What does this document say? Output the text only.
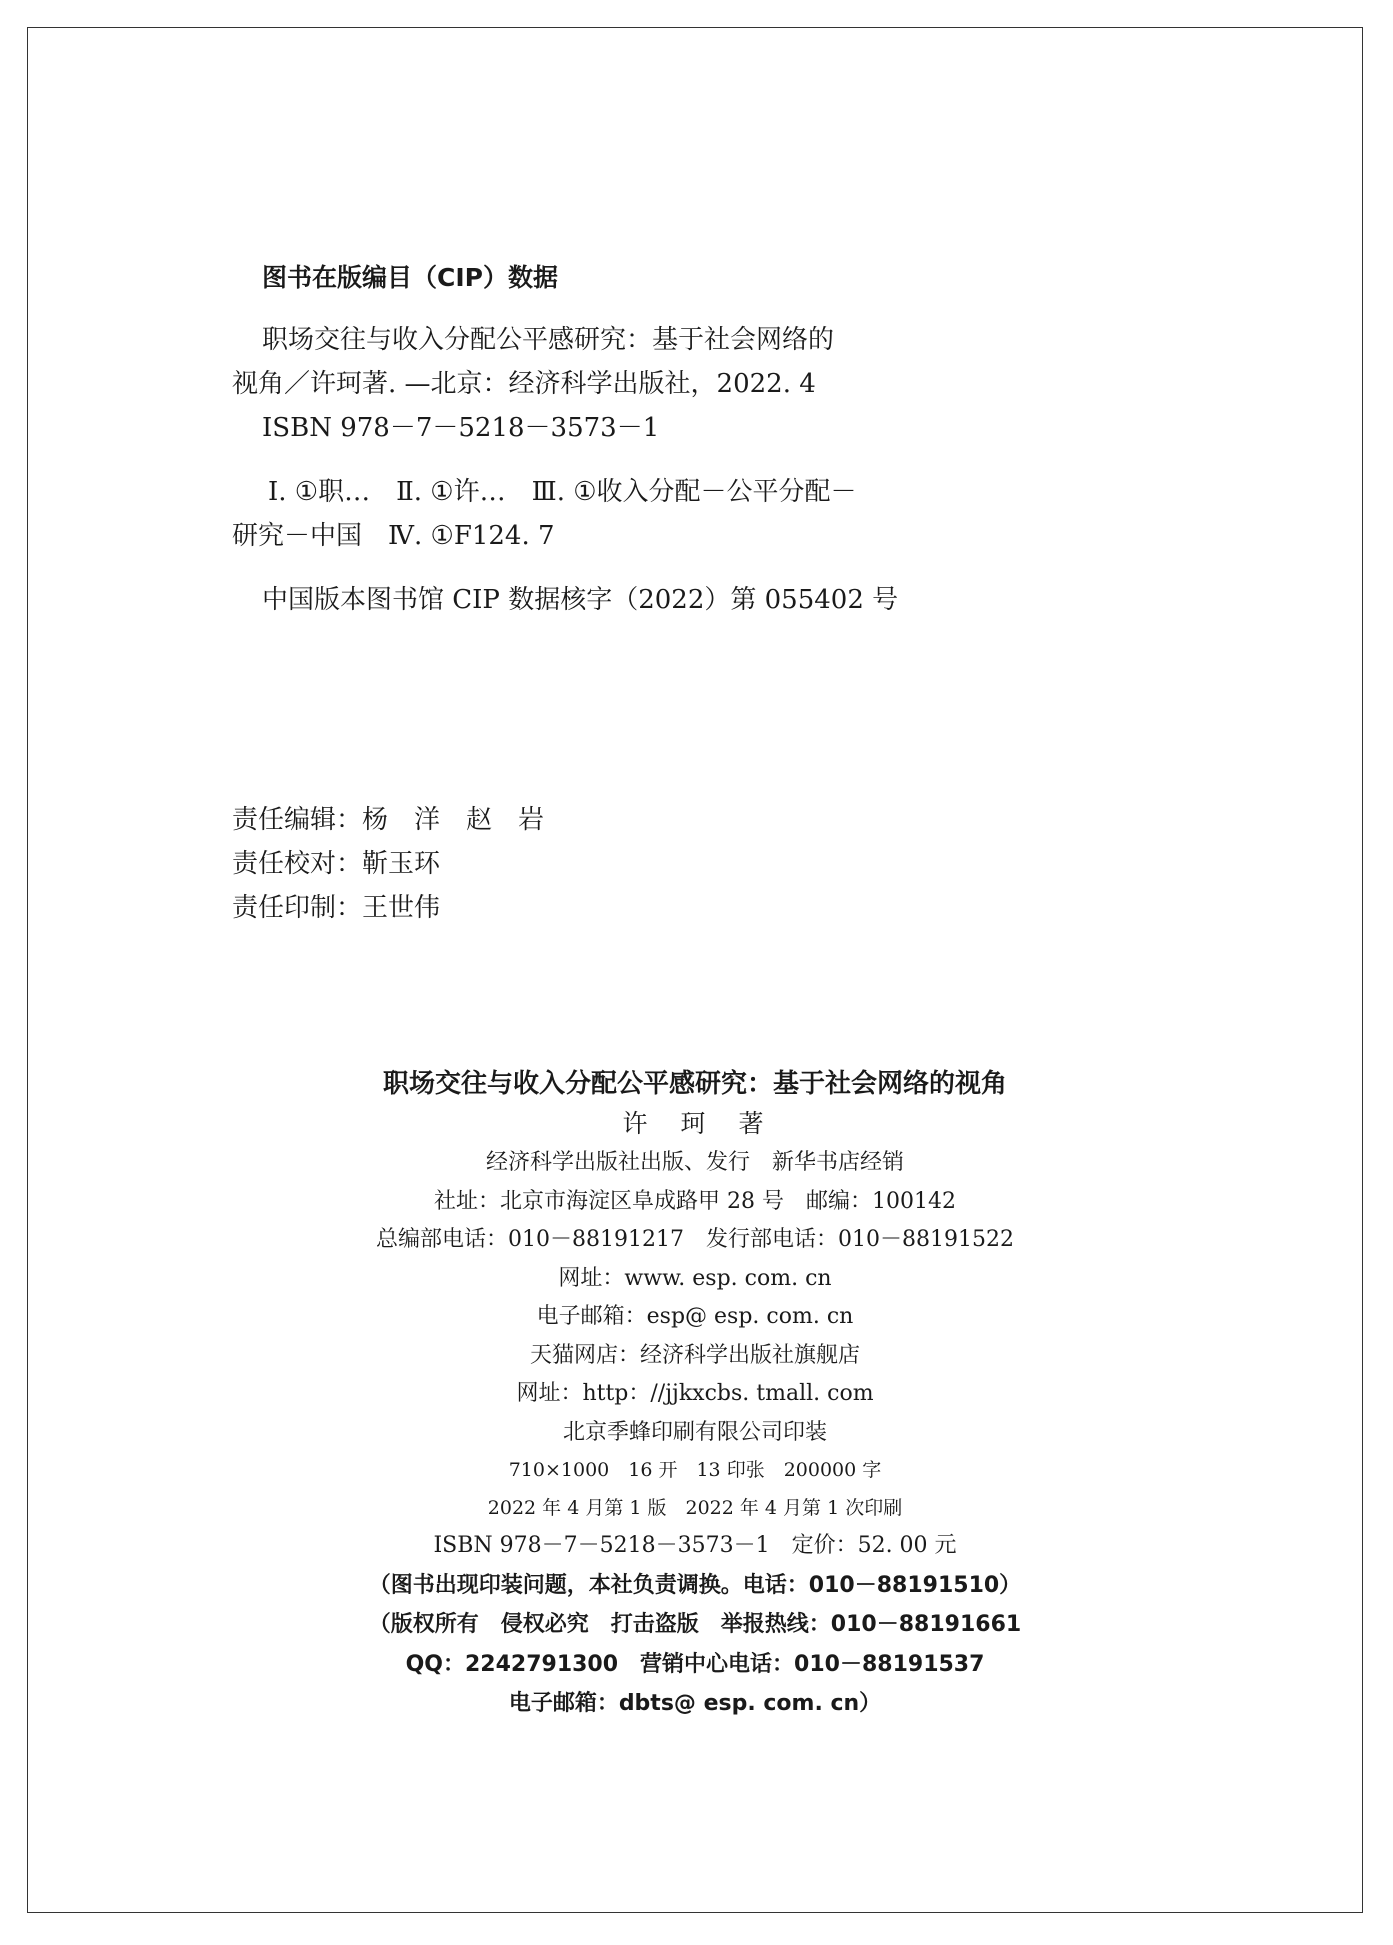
图书在版编目（CIP）数据
职场交往与收入分配公平感研究：基于社会网络的
视角／许珂著. —北京：经济科学出版社，2022. 4
ISBN 978－7－5218－3573－1
Ⅰ. ①职…　Ⅱ. ①许…　Ⅲ. ①收入分配－公平分配－
研究－中国　Ⅳ. ①F124. 7
中国版本图书馆 CIP 数据核字（2022）第 055402 号
责任编辑：杨　洋　赵　岩
责任校对：靳玉环
责任印制：王世伟
职场交往与收入分配公平感研究：基于社会网络的视角
许　珂　著
经济科学出版社出版、发行　新华书店经销
社址：北京市海淀区阜成路甲 28 号　邮编：100142
总编部电话：010－88191217　发行部电话：010－88191522
网址：www. esp. com. cn
电子邮箱：esp@ esp. com. cn
天猫网店：经济科学出版社旗舰店
网址：http：//jjkxcbs. tmall. com
北京季蜂印刷有限公司印装
710×1000　16 开　13 印张　200000 字
2022 年 4 月第 1 版　2022 年 4 月第 1 次印刷
ISBN 978－7－5218－3573－1　定价：52. 00 元
（图书出现印装问题，本社负责调换。电话：010－88191510）
（版权所有　侵权必究　打击盗版　举报热线：010－88191661
QQ：2242791300　营销中心电话：010－88191537
电子邮箱：dbts@ esp. com. cn）
